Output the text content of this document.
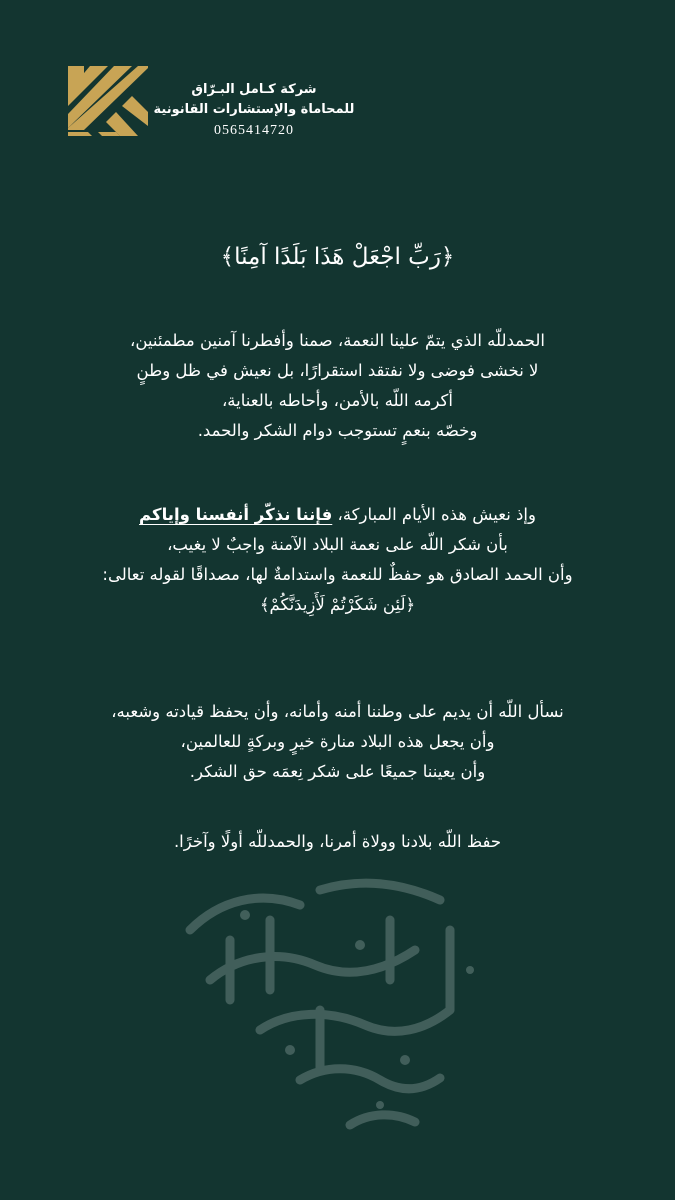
شركة كـامل البـرّاق
للمحاماة والإستشارات القانونية
0565414720
﴿رَبِّ اجْعَلْ هَذَا بَلَدًا آمِنًا﴾

الحمدللّه الذي يتمّ علينا النعمة، صمنا وأفطرنا آمنين مطمئنين،

لا نخشى فوضى ولا نفتقد استقرارًا، بل نعيش في ظل وطنٍ

أكرمه اللّه بالأمن، وأحاطه بالعناية،

وخصّه بنعمٍ تستوجب دوام الشكر والحمد.

وإذ نعيش هذه الأيام المباركة، فإننا نذكّر أنفسنا وإياكم

بأن شكر اللّه على نعمة البلاد الآمنة واجبٌ لا يغيب،

وأن الحمد الصادق هو حفظٌ للنعمة واستدامةٌ لها، مصداقًا لقوله تعالى:

﴿لَئِن شَكَرْتُمْ لَأَزِيدَنَّكُمْ﴾

نسأل اللّه أن يديم على وطننا أمنه وأمانه، وأن يحفظ قيادته وشعبه،

وأن يجعل هذه البلاد منارة خيرٍ وبركةٍ للعالمين،

وأن يعيننا جميعًا على شكر نِعمَه حق الشكر.

حفظ اللّه بلادنا وولاة أمرنا، والحمدللّه أولًا وآخرًا.
